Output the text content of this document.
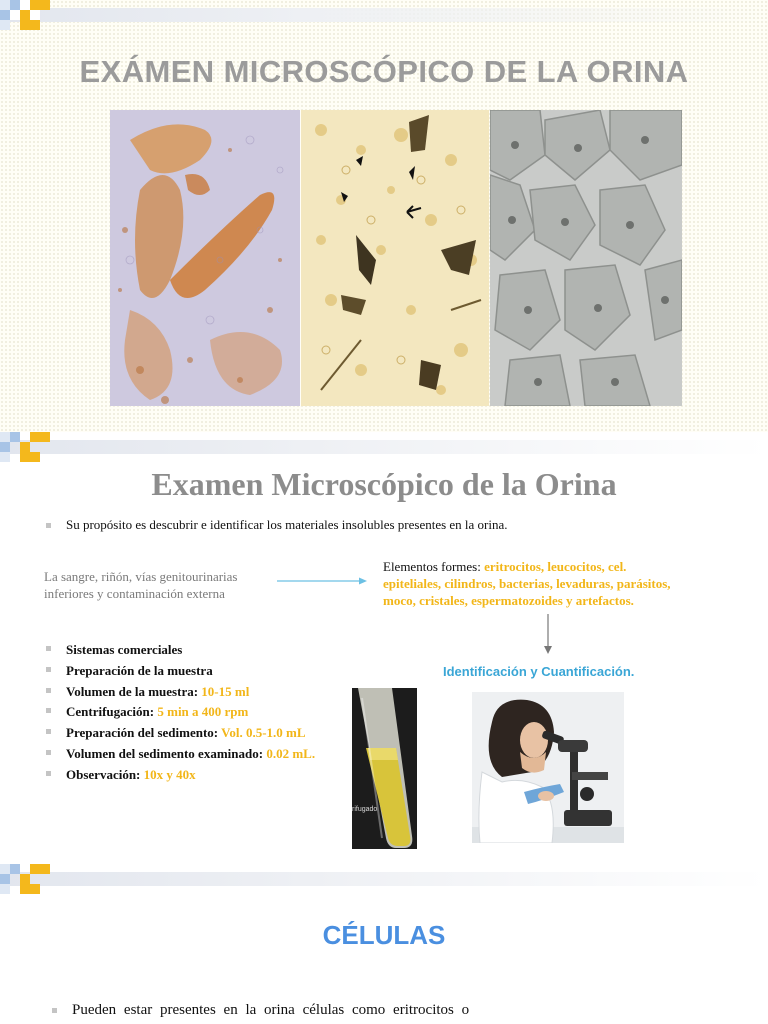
EXÁMEN MICROSCÓPICO DE LA ORINA
Examen Microscópico de la Orina

Su propósito es descubrir e identificar los materiales insolubles presentes en la orina.

La sangre, riñón, vías genitourinarias
inferiores y contaminación externa
Elementos formes: eritrocitos, leucocitos, cel.
epiteliales, cilindros, bacterias, levaduras, parásitos,
moco, cristales, espermatozoides y artefactos.
Identificación y Cuantificación.
Sistemas comerciales
Preparación de la muestra
Volumen de la muestra: 10-15 ml
Centrifugación: 5 min a 400 rpm
Preparación del sedimento: Vol. 0.5-1.0 mL
Volumen del sedimento examinado: 0.02 mL.
Observación: 10x y 40x
rifugado
CÉLULAS

Pueden estar presentes en la orina células como eritrocitos o
